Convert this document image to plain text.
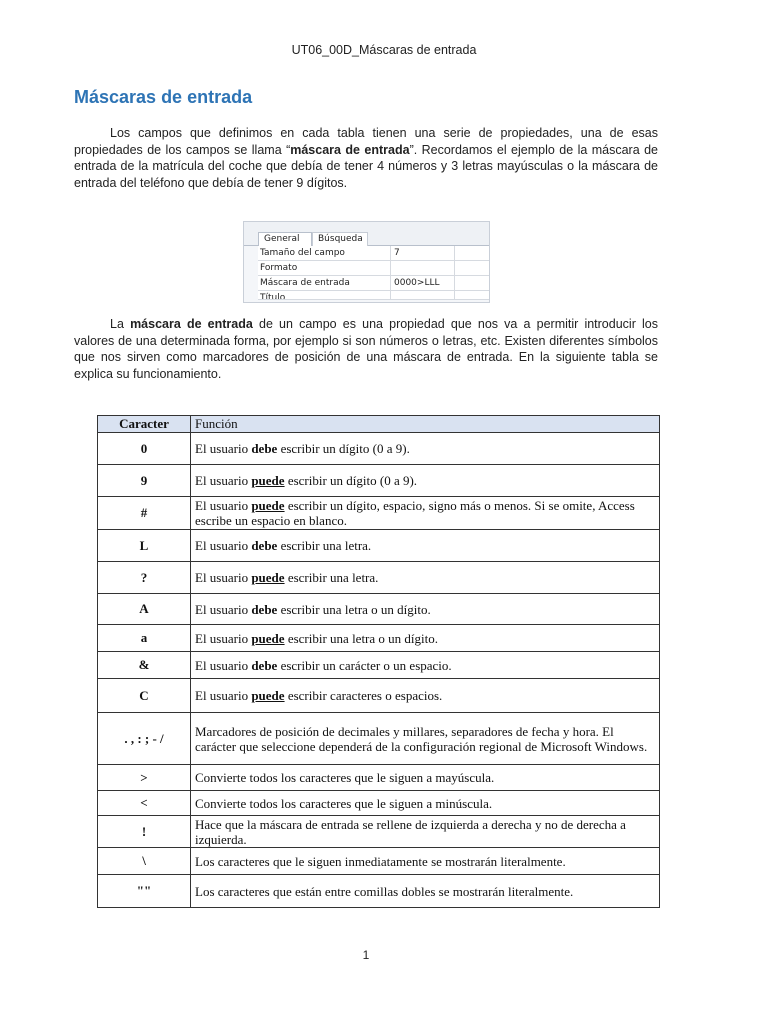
UT06_00D_Máscaras de entrada
Máscaras de entrada

Los campos que definimos en cada tabla tienen una serie de propiedades, una de esas propiedades de los campos se llama “máscara de entrada”. Recordamos el ejemplo de la máscara de entrada de la matrícula del coche que debía de tener 4 números y 3 letras mayúsculas o la máscara de entrada del teléfono que debía de tener 9 dígitos.

General	Búsqueda
Tamaño del campo	7
Formato
Máscara de entrada	0000>LLL
Título

La máscara de entrada de un campo es una propiedad que nos va a permitir introducir los valores de una determinada forma, por ejemplo si son números o letras, etc. Existen diferentes símbolos que nos sirven como marcadores de posición de una máscara de entrada. En la siguiente tabla se explica su funcionamiento.

Caracter	Función
0	El usuario debe escribir un dígito (0 a 9).
9	El usuario puede escribir un dígito (0 a 9).
#	El usuario puede escribir un dígito, espacio, signo más o menos. Si se omite, Access escribe un espacio en blanco.
L	El usuario debe escribir una letra.
?	El usuario puede escribir una letra.
A	El usuario debe escribir una letra o un dígito.
a	El usuario puede escribir una letra o un dígito.
&	El usuario debe escribir un carácter o un espacio.
C	El usuario puede escribir caracteres o espacios.
. , : ; - /	Marcadores de posición de decimales y millares, separadores de fecha y hora. El carácter que seleccione dependerá de la configuración regional de Microsoft Windows.
>	Convierte todos los caracteres que le siguen a mayúscula.
<	Convierte todos los caracteres que le siguen a minúscula.
!	Hace que la máscara de entrada se rellene de izquierda a derecha y no de derecha a izquierda.
\	Los caracteres que le siguen inmediatamente se mostrarán literalmente.
""	Los caracteres que están entre comillas dobles se mostrarán literalmente.
1
